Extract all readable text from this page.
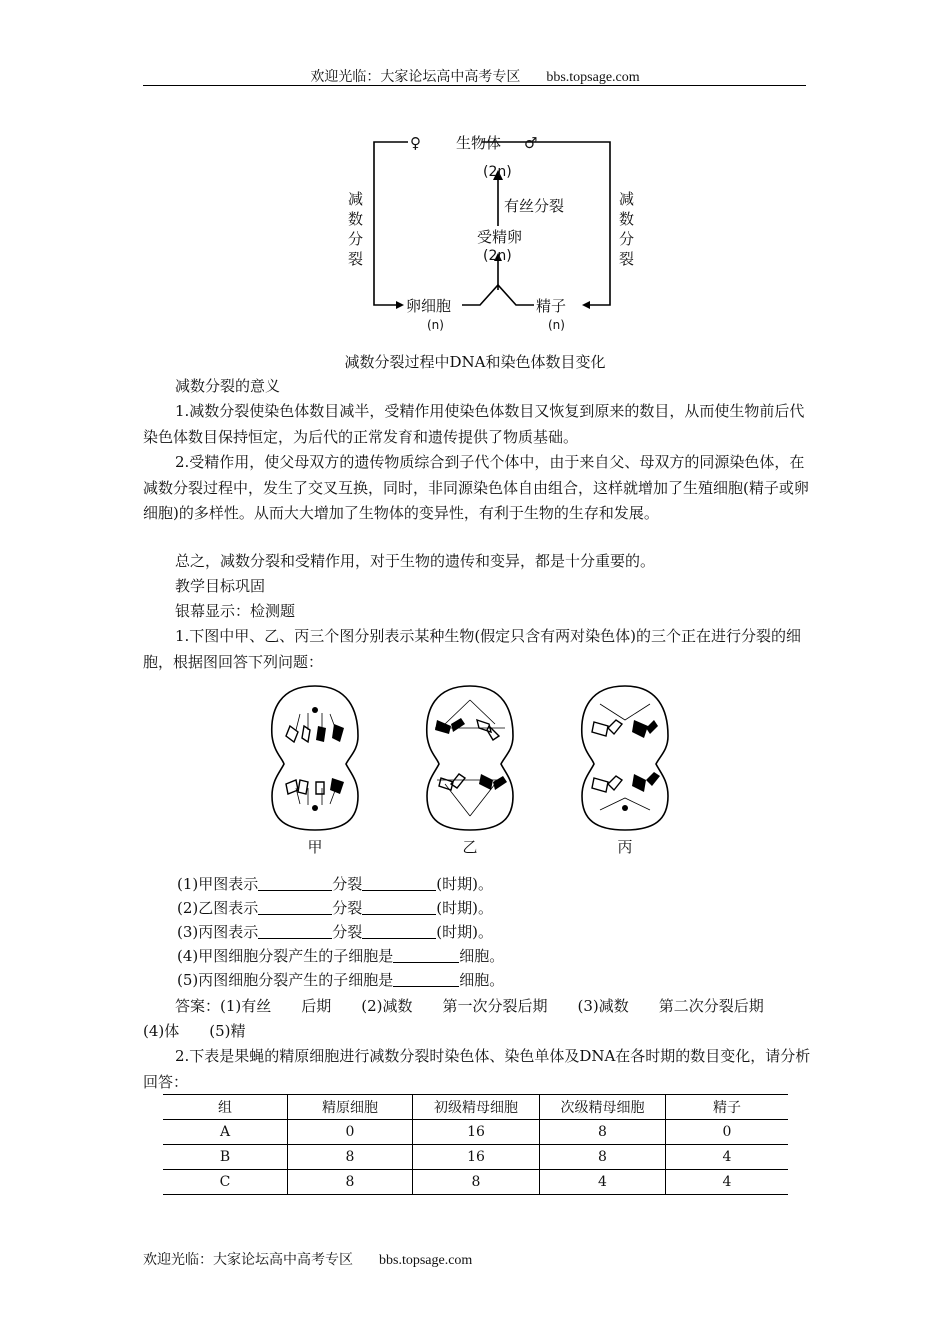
欢迎光临：大家论坛高中高考专区 bbs.topsage.com
♀ 生物体 ♂
(2n)
有丝分裂
受精卵
(2n)
卵细胞	精子
(n)	(n)
减
数
分
裂
减
数
分
裂
减数分裂过程中DNA和染色体数目变化
减数分裂的意义
1.减数分裂使染色体数目减半，受精作用使染色体数目又恢复到原来的数目，从而使生物前后代染色体数目保持恒定，为后代的正常发育和遗传提供了物质基础。
2.受精作用，使父母双方的遗传物质综合到子代个体中，由于来自父、母双方的同源染色体，在减数分裂过程中，发生了交叉互换，同时，非同源染色体自由组合，这样就增加了生殖细胞(精子或卵细胞)的多样性。从而大大增加了生物体的变异性，有利于生物的生存和发展。
总之，减数分裂和受精作用，对于生物的遗传和变异，都是十分重要的。
教学目标巩固
银幕显示：检测题
1.下图中甲、乙、丙三个图分别表示某种生物(假定只含有两对染色体)的三个正在进行分裂的细胞，根据图回答下列问题：
甲	乙	丙
(1)甲图表示	分裂	(时期)。
(2)乙图表示	分裂	(时期)。
(3)丙图表示	分裂	(时期)。
(4)甲图细胞分裂产生的子细胞是	细胞。
(5)丙图细胞分裂产生的子细胞是	细胞。
答案：(1)有丝　　后期　　(2)减数　　第一次分裂后期　　(3)减数　　第二次分裂后期
(4)体　　(5)精
2.下表是果蝇的精原细胞进行减数分裂时染色体、染色单体及DNA在各时期的数目变化，请分析回答：
组	精原细胞	初级精母细胞	次级精母细胞	精子
A	0	16	8	0
B	8	16	8	4
C	8	8	4	4
欢迎光临：大家论坛高中高考专区 bbs.topsage.com
